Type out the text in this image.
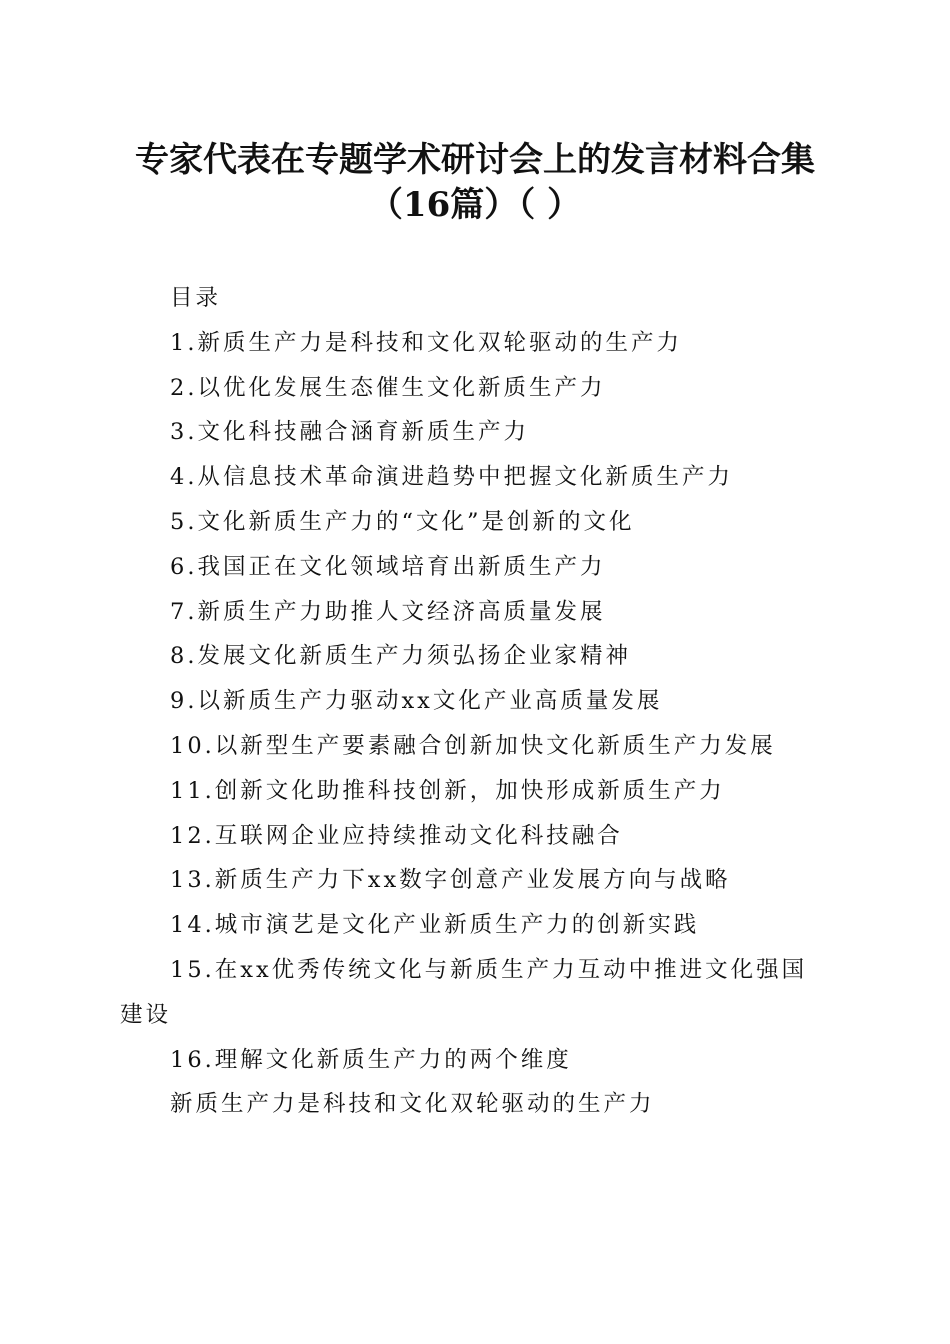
专家代表在专题学术研讨会上的发言材料合集
（16篇）（ ）

目录

1.新质生产力是科技和文化双轮驱动的生产力

2.以优化发展生态催生文化新质生产力

3.文化科技融合涵育新质生产力

4.从信息技术革命演进趋势中把握文化新质生产力

5.文化新质生产力的“文化”是创新的文化

6.我国正在文化领域培育出新质生产力

7.新质生产力助推人文经济高质量发展

8.发展文化新质生产力须弘扬企业家精神

9.以新质生产力驱动xx文化产业高质量发展

10.以新型生产要素融合创新加快文化新质生产力发展

11.创新文化助推科技创新，加快形成新质生产力

12.互联网企业应持续推动文化科技融合

13.新质生产力下xx数字创意产业发展方向与战略

14.城市演艺是文化产业新质生产力的创新实践

15.在xx优秀传统文化与新质生产力互动中推进文化强国建设

16.理解文化新质生产力的两个维度

新质生产力是科技和文化双轮驱动的生产力
